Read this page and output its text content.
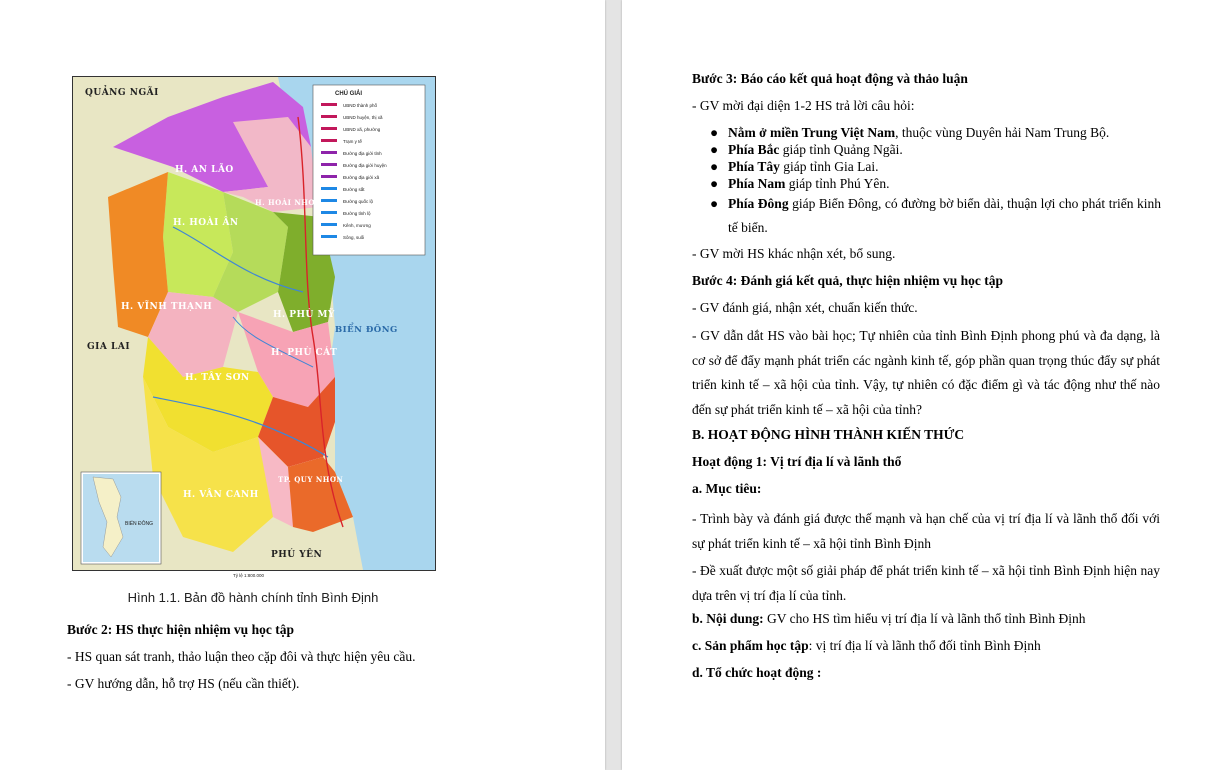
CHÚ GIẢI
UBND thành phố
UBND huyện, thị xã
UBND xã, phường
Trạm y tế
Đường địa giới tỉnh
Đường địa giới huyện
Đường địa giới xã
Đường sắt
Đường quốc lộ
Đường tỉnh lộ
Kênh, mương
Sông, suối
BIỂN ĐÔNG
QUẢNG NGÃI
GIA LAI
PHÚ YÊN
BIỂN ĐÔNG
H. AN LÃO
H. HOÀI NHƠN
H. HOÀI ÂN
H. PHÙ MỸ
H. VĨNH THẠNH
H. PHÙ CÁT
H. TÂY SƠN
H. VÂN CANH
TP. QUY NHƠN
Tỷ lệ 1:800.000
Hình 1.1. Bản đồ hành chính tỉnh Bình Định
Bước 2: HS thực hiện nhiệm vụ học tập
- HS quan sát tranh, thảo luận theo cặp đôi và thực hiện yêu cầu.
- GV hướng dẫn, hỗ trợ HS (nếu cần thiết).
Bước 3: Báo cáo kết quả hoạt động và thảo luận
- GV mời đại diện 1-2 HS trả lời câu hỏi:
● Nằm ở miền Trung Việt Nam, thuộc vùng Duyên hải Nam Trung Bộ.
● Phía Bắc giáp tỉnh Quảng Ngãi.
● Phía Tây giáp tỉnh Gia Lai.
● Phía Nam giáp tỉnh Phú Yên.
● Phía Đông giáp Biển Đông, có đường bờ biển dài, thuận lợi cho phát triển kinh tế biển.
- GV mời HS khác nhận xét, bổ sung.
Bước 4: Đánh giá kết quả, thực hiện nhiệm vụ học tập
- GV đánh giá, nhận xét, chuẩn kiến thức.
- GV dẫn dắt HS vào bài học; Tự nhiên của tỉnh Bình Định phong phú và đa dạng, là cơ sở để đẩy mạnh phát triển các ngành kinh tế, góp phần quan trọng thúc đẩy sự phát triển kinh tế – xã hội của tỉnh. Vậy, tự nhiên có đặc điểm gì và tác động như thế nào đến sự phát triển kinh tế – xã hội của tỉnh?
B. HOẠT ĐỘNG HÌNH THÀNH KIẾN THỨC
Hoạt động 1: Vị trí địa lí và lãnh thổ
a. Mục tiêu:
- Trình bày và đánh giá được thế mạnh và hạn chế của vị trí địa lí và lãnh thổ đối với sự phát triển kinh tế – xã hội tỉnh Bình Định
- Đề xuất được một số giải pháp để phát triển kinh tế – xã hội tỉnh Bình Định hiện nay dựa trên vị trí địa lí của tỉnh.
b. Nội dung: GV cho HS tìm hiểu vị trí địa lí và lãnh thổ tỉnh Bình Định
c. Sản phẩm học tập: vị trí địa lí và lãnh thổ đối tỉnh Bình Định
d. Tổ chức hoạt động :
